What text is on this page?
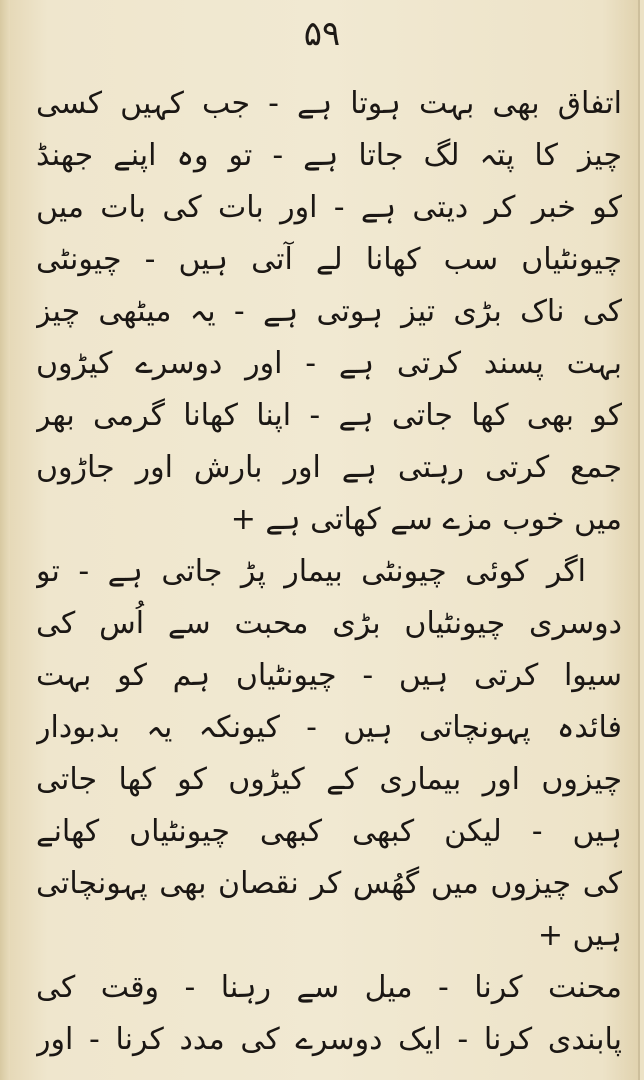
۵۹
اتفاق بھی بہت ہوتا ہے - جب کہیں کسی
چیز کا پتہ لگ جاتا ہے - تو وہ اپنے جھنڈ
کو خبر کر دیتی ہے - اور بات کی بات میں
چیونٹیاں سب کھانا لے آتی ہیں - چیونٹی
کی ناک بڑی تیز ہوتی ہے - یہ میٹھی چیز
بہت پسند کرتی ہے - اور دوسرے کیڑوں
کو بھی کھا جاتی ہے - اپنا کھانا گرمی بھر
جمع کرتی رہتی ہے اور بارش اور جاڑوں
میں خوب مزے سے کھاتی ہے +
اگر کوئی چیونٹی بیمار پڑ جاتی ہے - تو
دوسری چیونٹیاں بڑی محبت سے اُس کی
سیوا کرتی ہیں - چیونٹیاں ہم کو بہت
فائدہ پہونچاتی ہیں - کیونکہ یہ بدبودار
چیزوں اور بیماری کے کیڑوں کو کھا جاتی
ہیں - لیکن کبھی کبھی چیونٹیاں کھانے
کی چیزوں میں گھُس کر نقصان بھی پہونچاتی
ہیں +
محنت کرنا - میل سے رہنا - وقت کی
پابندی کرنا - ایک دوسرے کی مدد کرنا - اور
